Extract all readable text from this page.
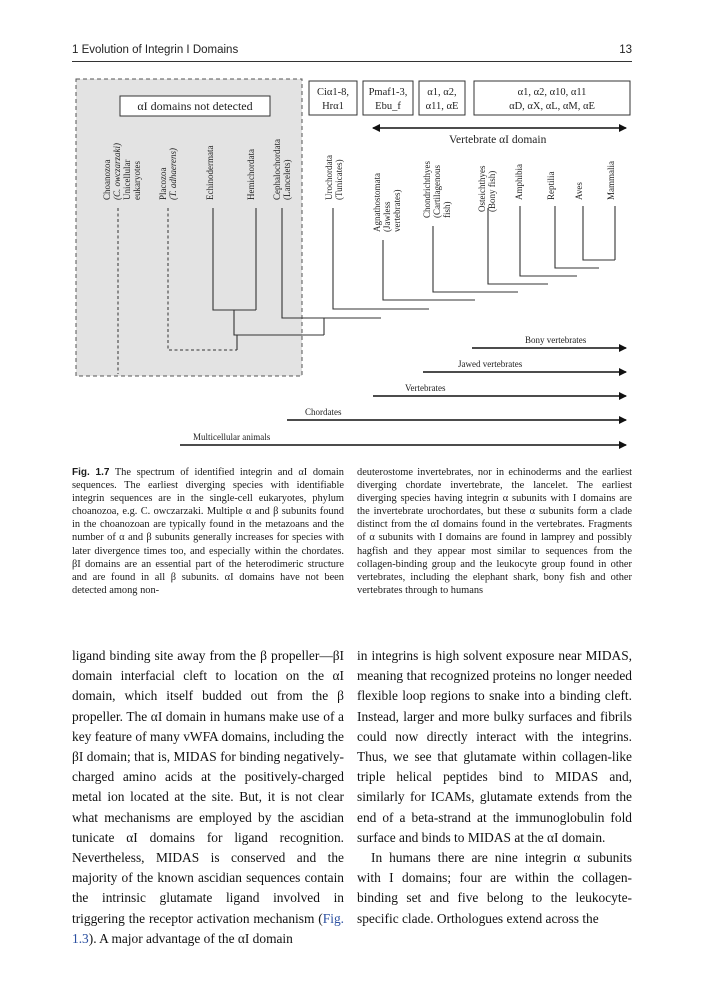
1 Evolution of Integrin I Domains	13
αI domains not detected
Ciα1-8,
Hrα1
Pmaf1-3,
Ebu_f
α1, α2,
α11, αE
α1, α2, α10, α11
αD, αX, αL, αM, αE
Vertebrate αI domain
Choanozoa (C. owczarzaki) Unicellular eukaryotes Placozoa (T. adhaerens)	Echinodermata	Hemichordata Cephalochordata (Lancelets)	Urochordata (Tunicates)	Agnathostomata (Jawless vertebrates) Chondrichthyes (Cartilagenous fish)	Osteichthyes (Bony fish) Amphibia Reptilia Aves Mammalia
Bony vertebrates
Jawed vertebrates
Vertebrates
Chordates
Multicellular animals
Fig. 1.7 The spectrum of identified integrin and αI domain sequences. The earliest diverging species with identifiable integrin sequences are in the single-cell eukaryotes, phylum choanozoa, e.g. C. owczarzaki. Multiple α and β subunits found in the choanozoan are typically found in the metazoans and the number of α and β subunits generally increases for species with later divergence times too, and especially within the chordates. βI domains are an essential part of the heterodimeric structure and are found in all β subunits. αI domains have not been detected among non-
deuterostome invertebrates, nor in echinoderms and the earliest diverging chordate invertebrate, the lancelet. The earliest diverging species having integrin α subunits with I domains are the invertebrate urochordates, but these α subunits form a clade distinct from the αI domains found in the vertebrates. Fragments of α subunits with I domains are found in lamprey and possibly hagfish and they appear most similar to sequences from the collagen-binding group and the leukocyte group found in other vertebrates, including the elephant shark, bony fish and other vertebrates through to humans

ligand binding site away from the β propeller—βI domain interfacial cleft to location on the αI domain, which itself budded out from the β propeller. The αI domain in humans make use of a key feature of many vWFA domains, including the βI domain; that is, MIDAS for binding negatively-charged amino acids at the positively-charged metal ion located at the site. But, it is not clear what mechanisms are employed by the ascidian tunicate αI domains for ligand recognition. Nevertheless, MIDAS is conserved and the majority of the known ascidian sequences contain the intrinsic glutamate ligand involved in triggering the receptor activation mechanism (Fig. 1.3). A major advantage of the αI domain

in integrins is high solvent exposure near MIDAS, meaning that recognized proteins no longer needed flexible loop regions to snake into a binding cleft. Instead, larger and more bulky surfaces and fibrils could now directly interact with the integrins. Thus, we see that glutamate within collagen-like triple helical peptides bind to MIDAS and, similarly for ICAMs, glutamate extends from the end of a beta-strand at the immunoglobulin fold surface and binds to MIDAS at the αI domain.

In humans there are nine integrin α subunits with I domains; four are within the collagen-binding set and five belong to the leukocyte-specific clade. Orthologues extend across the
